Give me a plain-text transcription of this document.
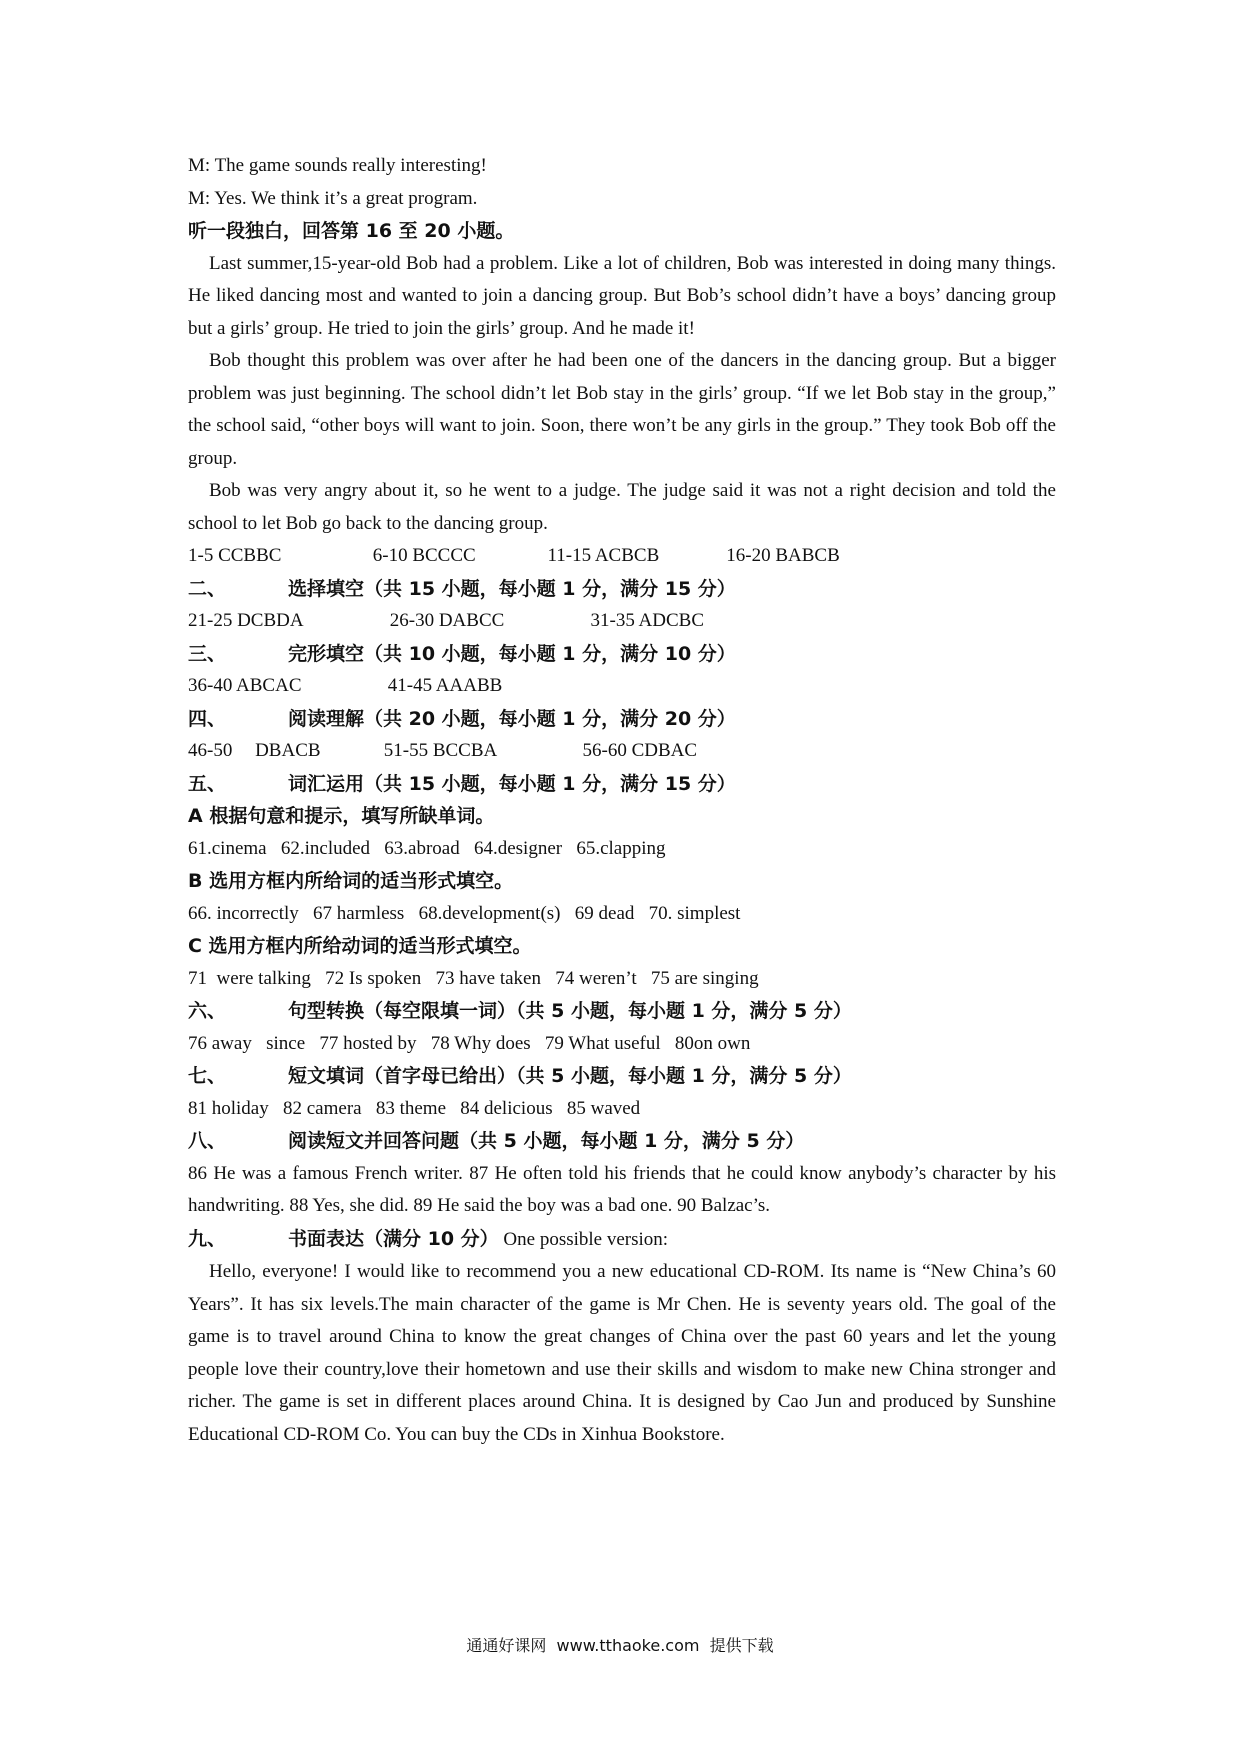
M: The game sounds really interesting!
M: Yes. We think it’s a great program.
听一段独白，回答第 16 至 20 小题。
Last summer,15-year-old Bob had a problem. Like a lot of children, Bob was interested in doing many things. He liked dancing most and wanted to join a dancing group. But Bob’s school didn’t have a boys’ dancing group but a girls’ group. He tried to join the girls’ group. And he made it!
Bob thought this problem was over after he had been one of the dancers in the dancing group. But a bigger problem was just beginning. The school didn’t let Bob stay in the girls’ group. “If we let Bob stay in the group,” the school said, “other boys will want to join. Soon, there won’t be any girls in the group.” They took Bob off the group.
Bob was very angry about it, so he went to a judge. The judge said it was not a right decision and told the school to let Bob go back to the dancing group.
1-5 CCBBC	6-10 BCCCC	11-15 ACBCB	16-20 BABCB
二、	选择填空（共 15 小题，每小题 1 分，满分 15 分）
21-25 DCBDA	26-30 DABCC	31-35 ADCBC
三、	完形填空（共 10 小题，每小题 1 分，满分 10 分）
36-40 ABCAC	41-45 AAABB
四、	阅读理解（共 20 小题，每小题 1 分，满分 20 分）
46-50 DBACB	51-55 BCCBA	56-60 CDBAC
五、	词汇运用（共 15 小题，每小题 1 分，满分 15 分）
A 根据句意和提示，填写所缺单词。
61.cinema   62.included   63.abroad   64.designer   65.clapping
B 选用方框内所给词的适当形式填空。
66. incorrectly   67 harmless   68.development(s)   69 dead   70. simplest
C 选用方框内所给动词的适当形式填空。
71  were talking   72 Is spoken   73 have taken   74 weren’t   75 are singing
六、	句型转换（每空限填一词）（共 5 小题，每小题 1 分，满分 5 分）
76 away   since   77 hosted by   78 Why does   79 What useful   80on own
七、	短文填词（首字母已给出）（共 5 小题，每小题 1 分，满分 5 分）
81 holiday   82 camera   83 theme   84 delicious   85 waved
八、	阅读短文并回答问题（共 5 小题，每小题 1 分，满分 5 分）
86 He was a famous French writer. 87 He often told his friends that he could know anybody’s character by his handwriting. 88 Yes, she did. 89 He said the boy was a bad one. 90 Balzac’s.
九、	书面表达（满分 10 分） One possible version:
Hello, everyone! I would like to recommend you a new educational CD-ROM. Its name is “New China’s 60 Years”. It has six levels.The main character of the game is Mr Chen. He is seventy years old. The goal of the game is to travel around China to know the great changes of China over the past 60 years and let the young people love their country,love their hometown and use their skills and wisdom to make new China stronger and richer. The game is set in different places around China. It is designed by Cao Jun and produced by Sunshine Educational CD-ROM Co. You can buy the CDs in Xinhua Bookstore.
通通好课网  www.tthaoke.com  提供下载
